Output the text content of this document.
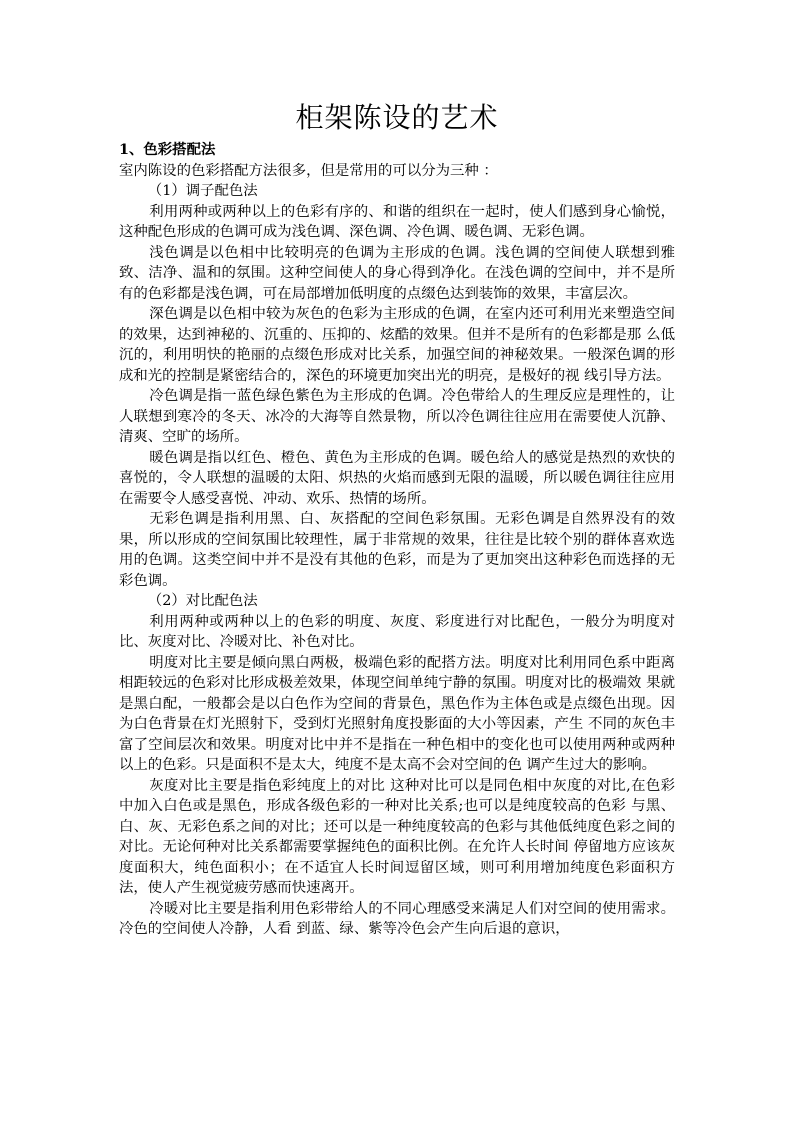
柜架陈设的艺术

1、色彩搭配法

室内陈设的色彩搭配方法很多，但是常用的可以分为三种 ：

（1）调子配色法

利用两种或两种以上的色彩有序的、和谐的组织在一起时，使人们感到身心愉悦，这种配色形成的色调可成为浅色调、深色调、冷色调、暖色调、无彩色调。

浅色调是以色相中比较明亮的色调为主形成的色调。浅色调的空间使人联想到雅致、洁净、温和的氛围。这种空间使人的身心得到净化。在浅色调的空间中，并不是所有的色彩都是浅色调，可在局部增加低明度的点缀色达到装饰的效果，丰富层次。

深色调是以色相中较为灰色的色彩为主形成的色调，在室内还可利用光来塑造空间的效果，达到神秘的、沉重的、压抑的、炫酷的效果。但并不是所有的色彩都是那 么低沉的，利用明快的艳丽的点缀色形成对比关系，加强空间的神秘效果。一般深色调的形成和光的控制是紧密结合的，深色的环境更加突出光的明亮，是极好的视 线引导方法。

冷色调是指一蓝色绿色紫色为主形成的色调。冷色带给人的生理反应是理性的，让人联想到寒冷的冬天、冰冷的大海等自然景物，所以冷色调往往应用在需要使人沉静、清爽、空旷的场所。

暖色调是指以红色、橙色、黄色为主形成的色调。暖色给人的感觉是热烈的欢快的喜悦的，令人联想的温暖的太阳、炽热的火焰而感到无限的温暖，所以暖色调往往应用在需要令人感受喜悦、冲动、欢乐、热情的场所。

无彩色调是指利用黑、白、灰搭配的空间色彩氛围。无彩色调是自然界没有的效果，所以形成的空间氛围比较理性，属于非常规的效果，往往是比较个别的群体喜欢选用的色调。这类空间中并不是没有其他的色彩，而是为了更加突出这种彩色而选择的无彩色调。

（2）对比配色法

利用两种或两种以上的色彩的明度、灰度、彩度进行对比配色，一般分为明度对比、灰度对比、冷暖对比、补色对比。

明度对比主要是倾向黑白两极，极端色彩的配搭方法。明度对比利用同色系中距离相距较远的色彩对比形成极差效果，体现空间单纯宁静的氛围。明度对比的极端效 果就是黑白配，一般都会是以白色作为空间的背景色，黑色作为主体色或是点缀色出现。因为白色背景在灯光照射下，受到灯光照射角度投影面的大小等因素，产生 不同的灰色丰富了空间层次和效果。明度对比中并不是指在一种色相中的变化也可以使用两种或两种以上的色彩。只是面积不是太大，纯度不是太高不会对空间的色 调产生过大的影响。

灰度对比主要是指色彩纯度上的对比 这种对比可以是同色相中灰度的对比,在色彩中加入白色或是黑色，形成各级色彩的一种对比关系;也可以是纯度较高的色彩 与黑、白、灰、无彩色系之间的对比；还可以是一种纯度较高的色彩与其他低纯度色彩之间的对比。无论何种对比关系都需要掌握纯色的面积比例。在允许人长时间 停留地方应该灰度面积大，纯色面积小；在不适宜人长时间逗留区域，则可利用增加纯度色彩面积方法，使人产生视觉疲劳感而快速离开。

冷暖对比主要是指利用色彩带给人的不同心理感受来满足人们对空间的使用需求。冷色的空间使人冷静，人看 到蓝、绿、紫等冷色会产生向后退的意识，
